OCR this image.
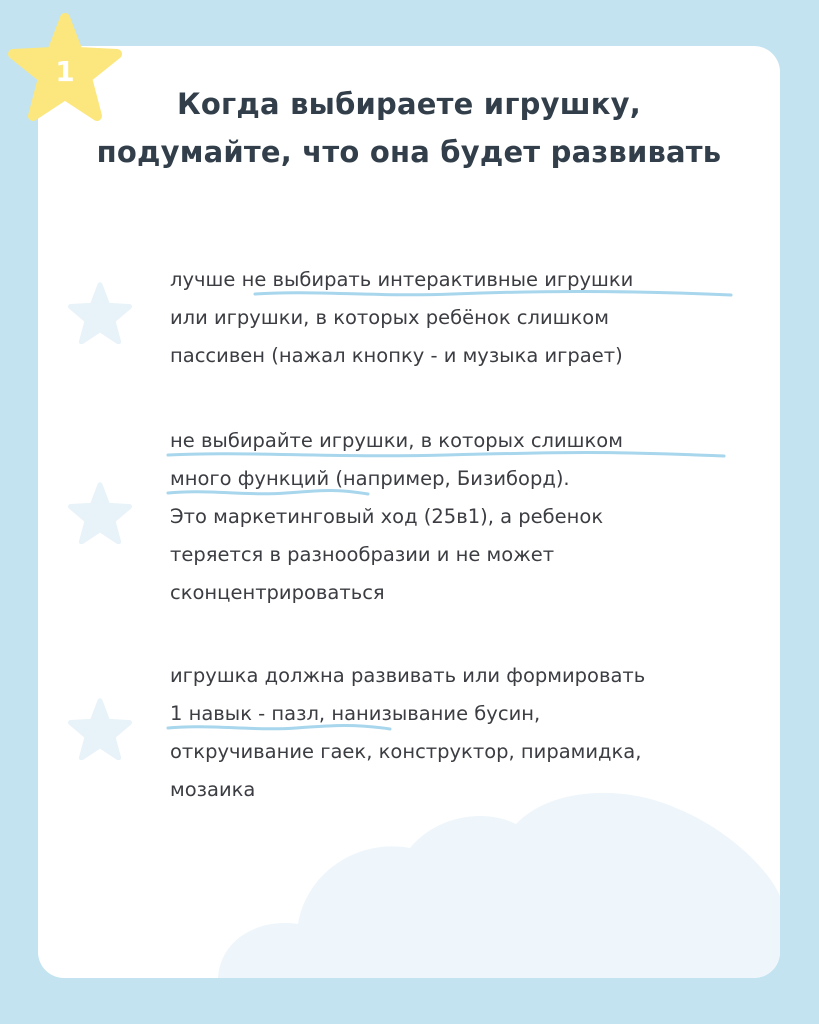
Когда выбираете игрушку,
подумайте, что она будет развивать

лучше не выбирать интерактивные игрушки
или игрушки, в которых ребёнок слишком
пассивен (нажал кнопку - и музыка играет)

не выбирайте игрушки, в которых слишком
много функций (например, Бизиборд).
Это маркетинговый ход (25в1), а ребенок
теряется в разнообразии и не может
сконцентрироваться

игрушка должна развивать или формировать
1 навык - пазл, нанизывание бусин,
откручивание гаек, конструктор, пирамидка,
мозаика

1
